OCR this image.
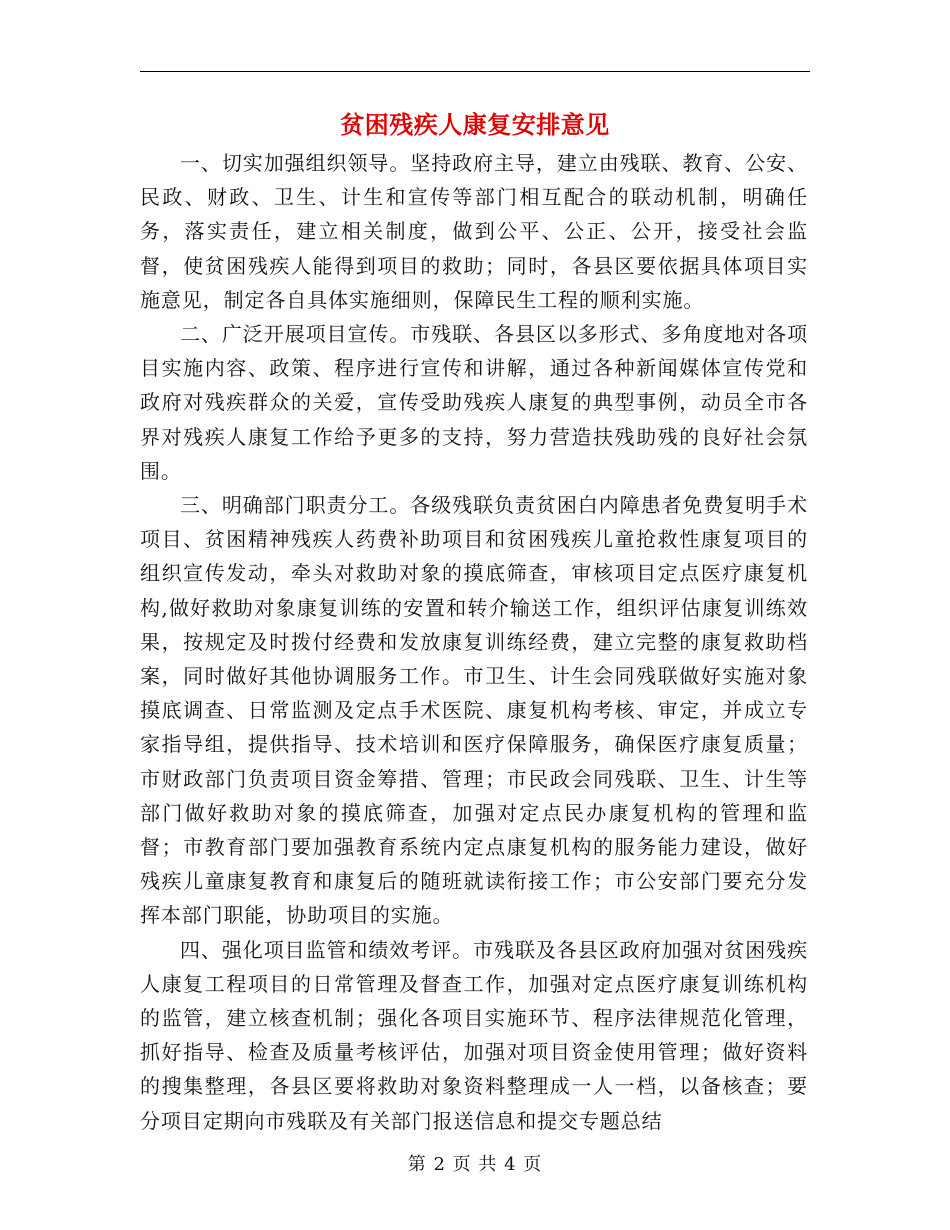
贫困残疾人康复安排意见

一、切实加强组织领导。坚持政府主导，建立由残联、教育、公安、民政、财政、卫生、计生和宣传等部门相互配合的联动机制，明确任务，落实责任，建立相关制度，做到公平、公正、公开，接受社会监督，使贫困残疾人能得到项目的救助；同时，各县区要依据具体项目实施意见，制定各自具体实施细则，保障民生工程的顺利实施。

二、广泛开展项目宣传。市残联、各县区以多形式、多角度地对各项目实施内容、政策、程序进行宣传和讲解，通过各种新闻媒体宣传党和政府对残疾群众的关爱，宣传受助残疾人康复的典型事例，动员全市各界对残疾人康复工作给予更多的支持，努力营造扶残助残的良好社会氛围。

三、明确部门职责分工。各级残联负责贫困白内障患者免费复明手术项目、贫困精神残疾人药费补助项目和贫困残疾儿童抢救性康复项目的组织宣传发动，牵头对救助对象的摸底筛查，审核项目定点医疗康复机构,做好救助对象康复训练的安置和转介输送工作，组织评估康复训练效果，按规定及时拨付经费和发放康复训练经费，建立完整的康复救助档案，同时做好其他协调服务工作。市卫生、计生会同残联做好实施对象摸底调查、日常监测及定点手术医院、康复机构考核、审定，并成立专家指导组，提供指导、技术培训和医疗保障服务，确保医疗康复质量；市财政部门负责项目资金筹措、管理；市民政会同残联、卫生、计生等部门做好救助对象的摸底筛查，加强对定点民办康复机构的管理和监督；市教育部门要加强教育系统内定点康复机构的服务能力建设，做好残疾儿童康复教育和康复后的随班就读衔接工作；市公安部门要充分发挥本部门职能，协助项目的实施。

四、强化项目监管和绩效考评。市残联及各县区政府加强对贫困残疾人康复工程项目的日常管理及督查工作，加强对定点医疗康复训练机构的监管，建立核查机制；强化各项目实施环节、程序法律规范化管理，抓好指导、检查及质量考核评估，加强对项目资金使用管理；做好资料的搜集整理，各县区要将救助对象资料整理成一人一档，以备核查；要分项目定期向市残联及有关部门报送信息和提交专题总结

第 2 页 共 4 页
